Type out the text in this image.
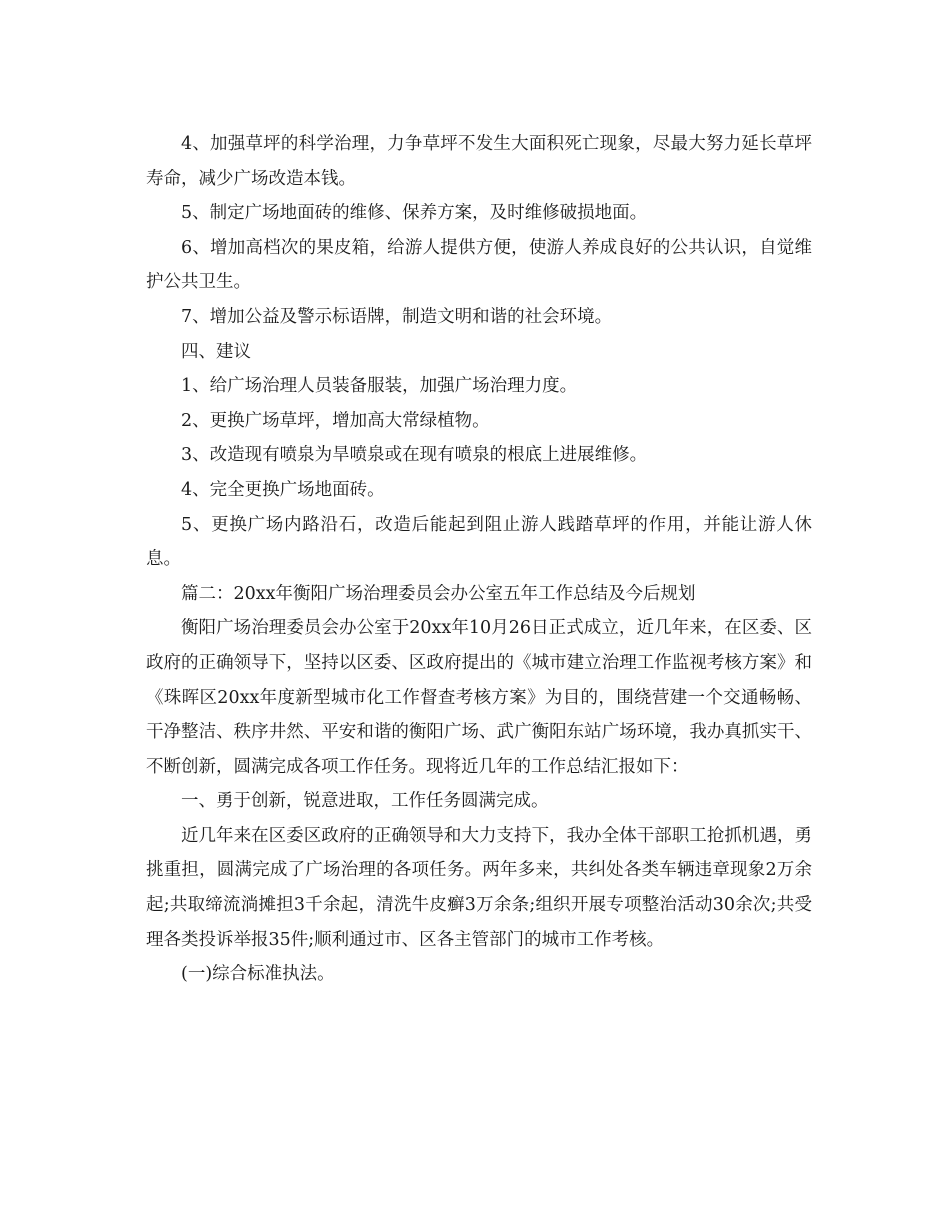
4、加强草坪的科学治理，力争草坪不发生大面积死亡现象，尽最大努力延长草坪寿命，减少广场改造本钱。

5、制定广场地面砖的维修、保养方案，及时维修破损地面。

6、增加高档次的果皮箱，给游人提供方便，使游人养成良好的公共认识，自觉维护公共卫生。

7、增加公益及警示标语牌，制造文明和谐的社会环境。

四、建议

1、给广场治理人员装备服装，加强广场治理力度。

2、更换广场草坪，增加高大常绿植物。

3、改造现有喷泉为旱喷泉或在现有喷泉的根底上进展维修。

4、完全更换广场地面砖。

5、更换广场内路沿石，改造后能起到阻止游人践踏草坪的作用，并能让游人休息。

篇二：20xx年衡阳广场治理委员会办公室五年工作总结及今后规划

衡阳广场治理委员会办公室于20xx年10月26日正式成立，近几年来，在区委、区政府的正确领导下，坚持以区委、区政府提出的《城市建立治理工作监视考核方案》和《珠晖区20xx年度新型城市化工作督查考核方案》为目的，围绕营建一个交通畅畅、干净整洁、秩序井然、平安和谐的衡阳广场、武广衡阳东站广场环境，我办真抓实干、不断创新，圆满完成各项工作任务。现将近几年的工作总结汇报如下：

一、勇于创新，锐意进取，工作任务圆满完成。

近几年来在区委区政府的正确领导和大力支持下，我办全体干部职工抢抓机遇，勇挑重担，圆满完成了广场治理的各项任务。两年多来，共纠处各类车辆违章现象2万余起;共取缔流淌摊担3千余起，清洗牛皮癣3万余条;组织开展专项整治活动30余次;共受理各类投诉举报35件;顺利通过市、区各主管部门的城市工作考核。

(一)综合标准执法。
